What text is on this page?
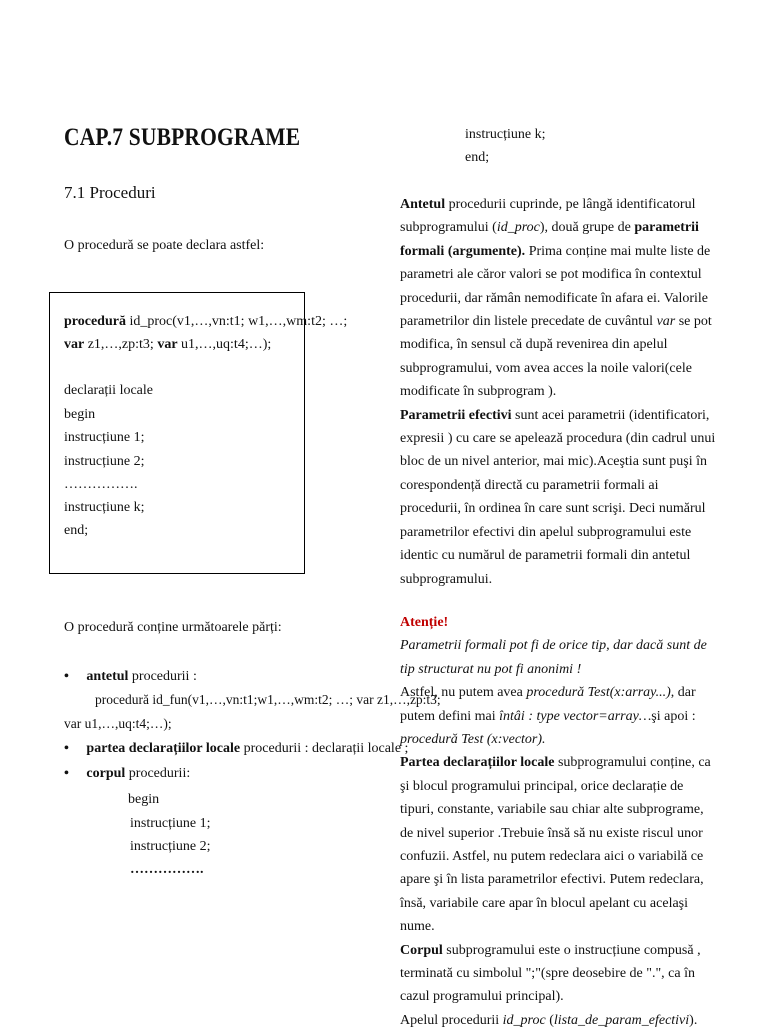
CAP.7 SUBPROGRAME
7.1 Proceduri
O procedură se poate declara astfel:
procedură id_proc(v1,…,vn:t1; w1,…,wm:t2; …;
var z1,…,zp:t3; var u1,…,uq:t4;…);
declarații locale
begin
instrucțiune 1;
instrucțiune 2;
…………….
instrucțiune k;
end;
O procedură conține următoarele părți:
• antetul procedurii :
procedură id_fun(v1,…,vn:t1;w1,…,wm:t2; …; var z1,…,zp:t3;
var u1,…,uq:t4;…);
• partea declarațiilor locale procedurii : declarații locale ;
• corpul procedurii:
begin
instrucțiune 1;
instrucțiune 2;
…………….
instrucțiune k;
end;

Antetul procedurii cuprinde, pe lângă identificatorul subprogramului (id_proc), două grupe de parametrii formali (argumente). Prima conține mai multe liste de parametri ale căror valori se pot modifica în contextul procedurii, dar rămân nemodificate în afara ei. Valorile parametrilor din listele precedate de cuvântul var se pot modifica, în sensul că după revenirea din apelul subprogramului, vom avea acces la noile valori(cele modificate în subprogram ).

Parametrii efectivi sunt acei parametrii (identificatori, expresii ) cu care se apelează procedura (din cadrul unui bloc de un nivel anterior, mai mic).Aceştia sunt puşi în corespondență directă cu parametrii formali ai procedurii, în ordinea în care sunt scrişi. Deci numărul parametrilor efectivi din apelul subprogramului este identic cu numărul de parametrii formali din antetul subprogramului.

Atenție!

Parametrii formali pot fi de orice tip, dar dacă sunt de tip structurat nu pot fi anonimi !

Astfel, nu putem avea procedură Test(x:array...), dar putem defini mai întâi : type vector=array…şi apoi : procedură Test (x:vector).

Partea declarațiilor locale subprogramului conține, ca şi blocul programului principal, orice declarație de tipuri, constante, variabile sau chiar alte subprograme, de nivel superior .Trebuie însă să nu existe riscul unor confuzii. Astfel, nu putem redeclara aici o variabilă ce apare şi în lista parametrilor efectivi. Putem redeclara, însă, variabile care apar în blocul apelant cu acelaşi nume.

Corpul subprogramului este o instrucțiune compusă , terminată cu simbolul ";"(spre deosebire de ".", ca în cazul programului principal).

Apelul procedurii id_proc (lista_de_param_efectivi).
